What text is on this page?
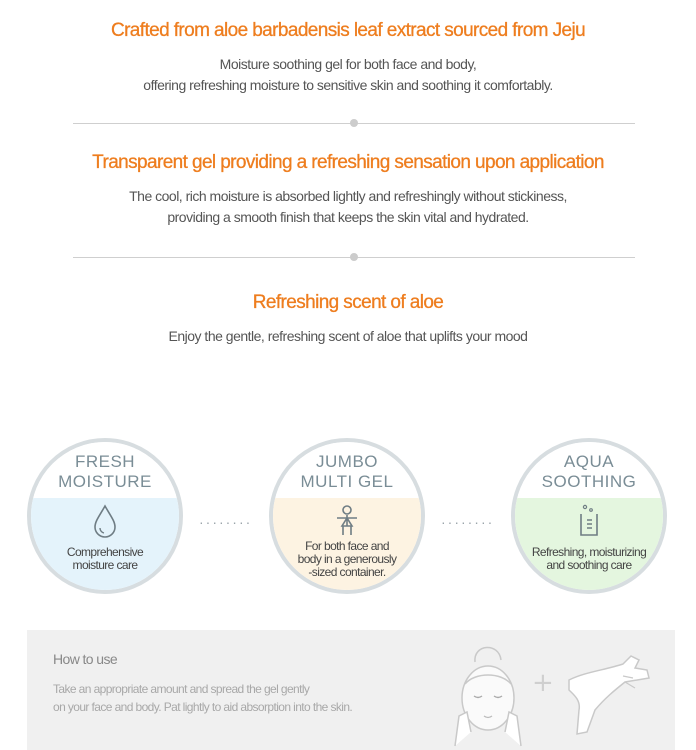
Crafted from aloe barbadensis leaf extract sourced from Jeju
Moisture soothing gel for both face and body,
offering refreshing moisture to sensitive skin and soothing it comfortably.
Transparent gel providing a refreshing sensation upon application
The cool, rich moisture is absorbed lightly and refreshingly without stickiness,
providing a smooth finish that keeps the skin vital and hydrated.
Refreshing scent of aloe
Enjoy the gentle, refreshing scent of aloe that uplifts your mood
FRESH
MOISTURE
Comprehensive
moisture care
········
JUMBO
MULTI GEL
For both face and
body in a generously
-sized container.
········
AQUA
SOOTHING
Refreshing, moisturizing
and soothing care
How to use
Take an appropriate amount and spread the gel gently
on your face and body. Pat lightly to aid absorption into the skin.
+
